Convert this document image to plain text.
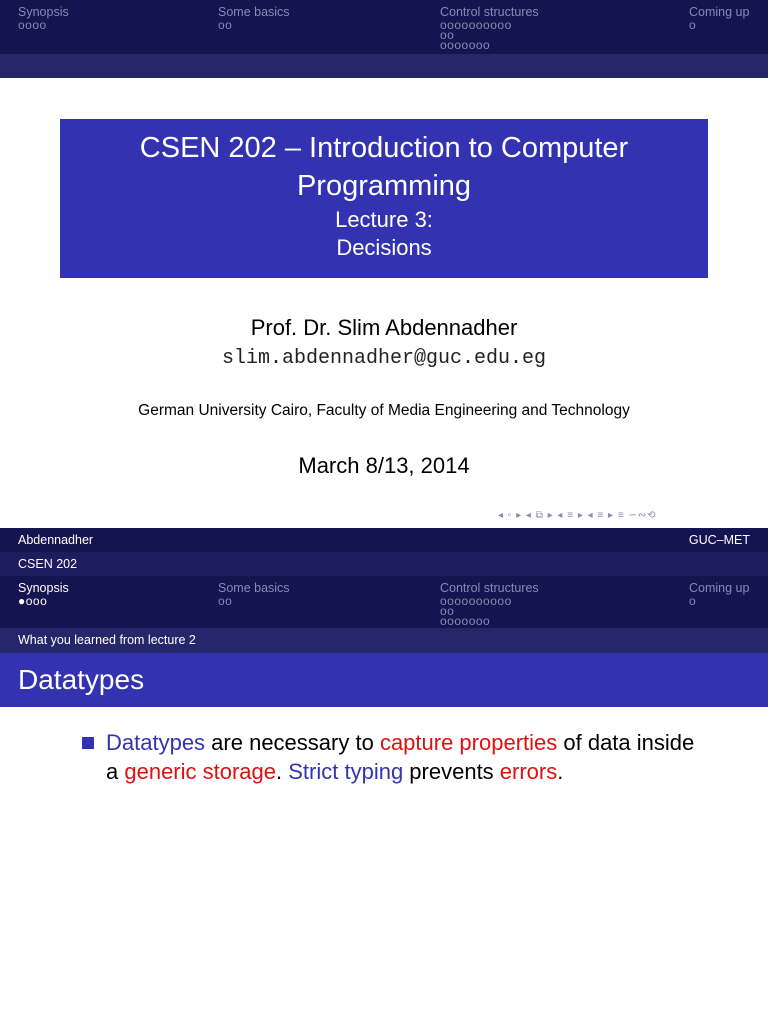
Synopsis
oooo
Some basics
oo
Control structures
oooooooooo
oo
ooooooo
Coming up
o
CSEN 202 – Introduction to Computer
Programming
Lecture 3:
Decisions
Prof. Dr. Slim Abdennadher
slim.abdennadher@guc.edu.eg
German University Cairo, Faculty of Media Engineering and Technology
March 8/13, 2014
◂ ▫ ▸ ◂ ⧉ ▸ ◂ ≡ ▸ ◂ ≡ ▸ ≡ ∽∾⟲
Abdennadher	GUC–MET
CSEN 202
Synopsis
●ooo
Some basics
oo
Control structures
oooooooooo
oo
ooooooo
Coming up
o
What you learned from lecture 2
Datatypes
Datatypes are necessary to capture properties of data inside a generic storage. Strict typing prevents errors.
